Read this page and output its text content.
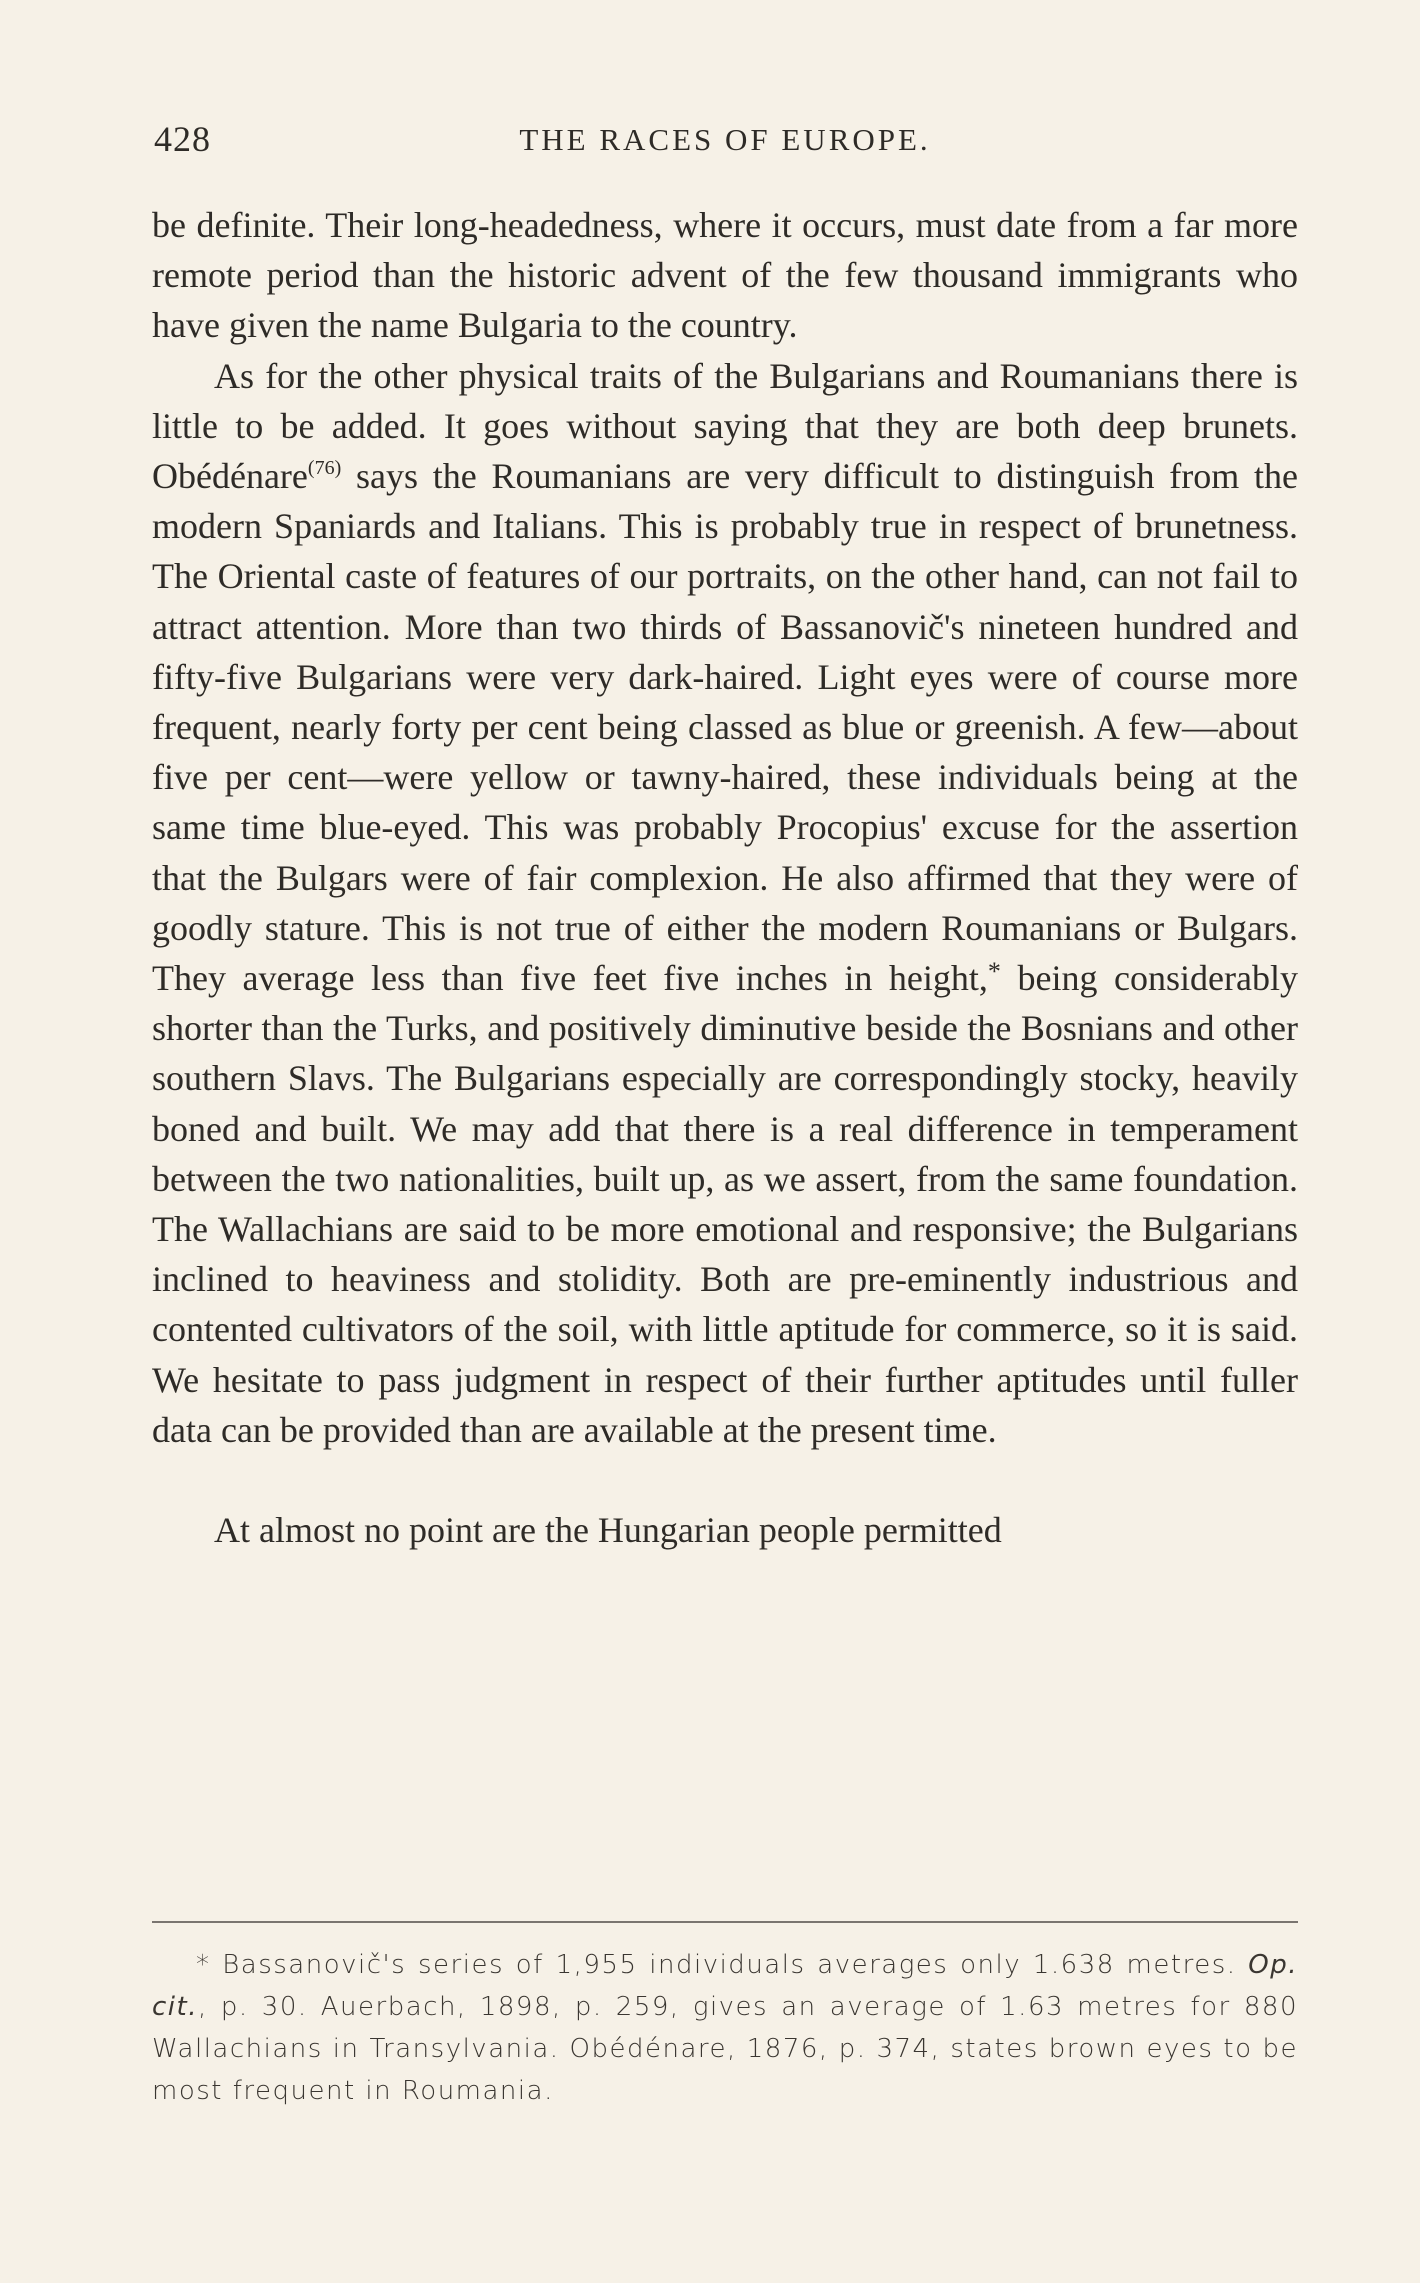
428	THE RACES OF EUROPE.

be definite. Their long-headedness, where it occurs, must date from a far more remote period than the historic advent of the few thousand immigrants who have given the name Bulgaria to the country.

As for the other physical traits of the Bulgarians and Roumanians there is little to be added. It goes without saying that they are both deep brunets. Obédénare$^{(76)}$ says the Roumanians are very difficult to distinguish from the modern Spaniards and Italians. This is probably true in respect of brunetness. The Oriental caste of features of our portraits, on the other hand, can not fail to attract attention. More than two thirds of Bassanovič's nineteen hundred and fifty-five Bulgarians were very dark-haired. Light eyes were of course more frequent, nearly forty per cent being classed as blue or greenish. A few—about five per cent—were yellow or tawny-haired, these individuals being at the same time blue-eyed. This was probably Procopius' excuse for the assertion that the Bulgars were of fair complexion. He also affirmed that they were of goodly stature. This is not true of either the modern Roumanians or Bulgars. They average less than five feet five inches in height,* being considerably shorter than the Turks, and positively diminutive beside the Bosnians and other southern Slavs. The Bulgarians especially are correspondingly stocky, heavily boned and built. We may add that there is a real difference in temperament between the two nationalities, built up, as we assert, from the same foundation. The Wallachians are said to be more emotional and responsive; the Bulgarians inclined to heaviness and stolidity. Both are pre-eminently industrious and contented cultivators of the soil, with little aptitude for commerce, so it is said. We hesitate to pass judgment in respect of their further aptitudes until fuller data can be provided than are available at the present time.

At almost no point are the Hungarian people permitted

* Bassanovič's series of 1,955 individuals averages only 1.638 metres. Op. cit., p. 30. Auerbach, 1898, p. 259, gives an average of 1.63 metres for 880 Wallachians in Transylvania. Obédénare, 1876, p. 374, states brown eyes to be most frequent in Roumania.
